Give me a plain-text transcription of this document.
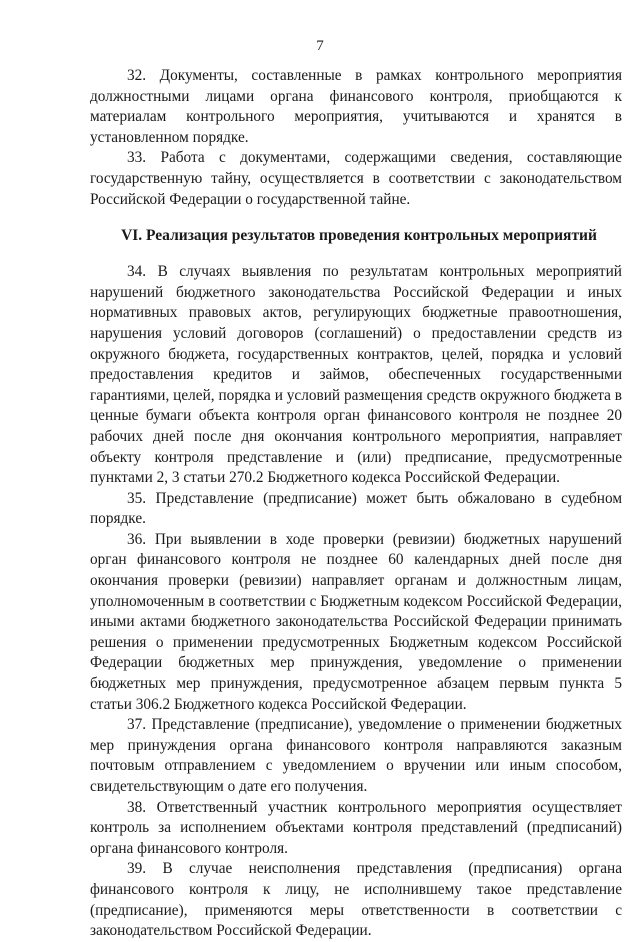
7

32. Документы, составленные в рамках контрольного мероприятия должностными лицами органа финансового контроля, приобщаются к материалам контрольного мероприятия, учитываются и хранятся в установленном порядке.

33. Работа с документами, содержащими сведения, составляющие государственную тайну, осуществляется в соответствии с законодательством Российской Федерации о государственной тайне.

VI. Реализация результатов проведения контрольных мероприятий

34. В случаях выявления по результатам контрольных мероприятий нарушений бюджетного законодательства Российской Федерации и иных нормативных правовых актов, регулирующих бюджетные правоотношения, нарушения условий договоров (соглашений) о предоставлении средств из окружного бюджета, государственных контрактов, целей, порядка и условий предоставления кредитов и займов, обеспеченных государственными гарантиями, целей, порядка и условий размещения средств окружного бюджета в ценные бумаги объекта контроля орган финансового контроля не позднее 20 рабочих дней после дня окончания контрольного мероприятия, направляет объекту контроля представление и (или) предписание, предусмотренные пунктами 2, 3 статьи 270.2 Бюджетного кодекса Российской Федерации.

35. Представление (предписание) может быть обжаловано в судебном порядке.

36. При выявлении в ходе проверки (ревизии) бюджетных нарушений орган финансового контроля не позднее 60 календарных дней после дня окончания проверки (ревизии) направляет органам и должностным лицам, уполномоченным в соответствии с Бюджетным кодексом Российской Федерации, иными актами бюджетного законодательства Российской Федерации принимать решения о применении предусмотренных Бюджетным кодексом Российской Федерации бюджетных мер принуждения, уведомление о применении бюджетных мер принуждения, предусмотренное абзацем первым пункта 5 статьи 306.2 Бюджетного кодекса Российской Федерации.

37. Представление (предписание), уведомление о применении бюджетных мер принуждения органа финансового контроля направляются заказным почтовым отправлением с уведомлением о вручении или иным способом, свидетельствующим о дате его получения.

38. Ответственный участник контрольного мероприятия осуществляет контроль за исполнением объектами контроля представлений (предписаний) органа финансового контроля.

39. В случае неисполнения представления (предписания) органа финансового контроля к лицу, не исполнившему такое представление (предписание), применяются меры ответственности в соответствии с законодательством Российской Федерации.
